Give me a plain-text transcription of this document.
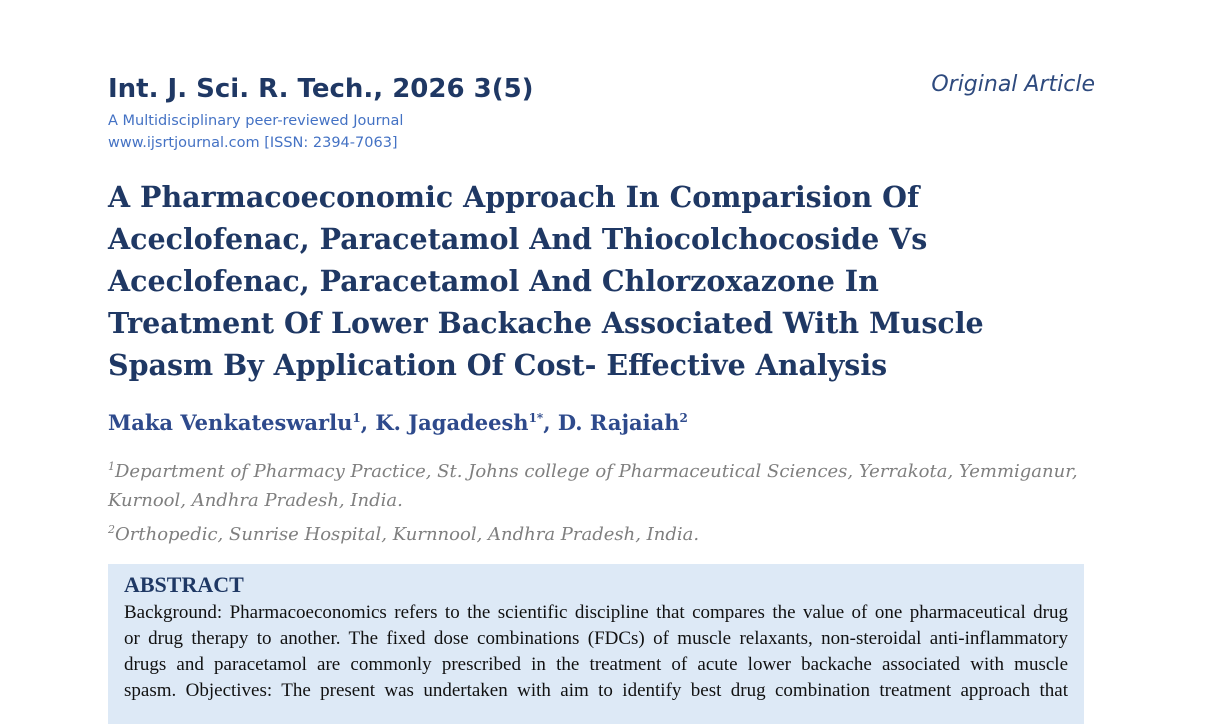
Int. J. Sci. R. Tech., 2026 3(5)	Original Article
A Multidisciplinary peer-reviewed Journal
www.ijsrtjournal.com [ISSN: 2394-7063]
A Pharmacoeconomic Approach In Comparision Of
Aceclofenac, Paracetamol And Thiocolchocoside Vs
Aceclofenac, Paracetamol And Chlorzoxazone In
Treatment Of Lower Backache Associated With Muscle
Spasm By Application Of Cost- Effective Analysis
Maka Venkateswarlu$^1$, K. Jagadeesh$^{1*}$, D. Rajaiah$^2$
$^1$Department of Pharmacy Practice, St. Johns college of Pharmaceutical Sciences, Yerrakota, Yemmiganur,
Kurnool, Andhra Pradesh, India.
$^2$Orthopedic, Sunrise Hospital, Kurnnool, Andhra Pradesh, India.
ABSTRACT
Background: Pharmacoeconomics refers to the scientific discipline that compares the value of one pharmaceutical drug
or drug therapy to another. The fixed dose combinations (FDCs) of muscle relaxants, non-steroidal anti-inflammatory
drugs and paracetamol are commonly prescribed in the treatment of acute lower backache associated with muscle
spasm. Objectives: The present was undertaken with aim to identify best drug combination treatment approach that
